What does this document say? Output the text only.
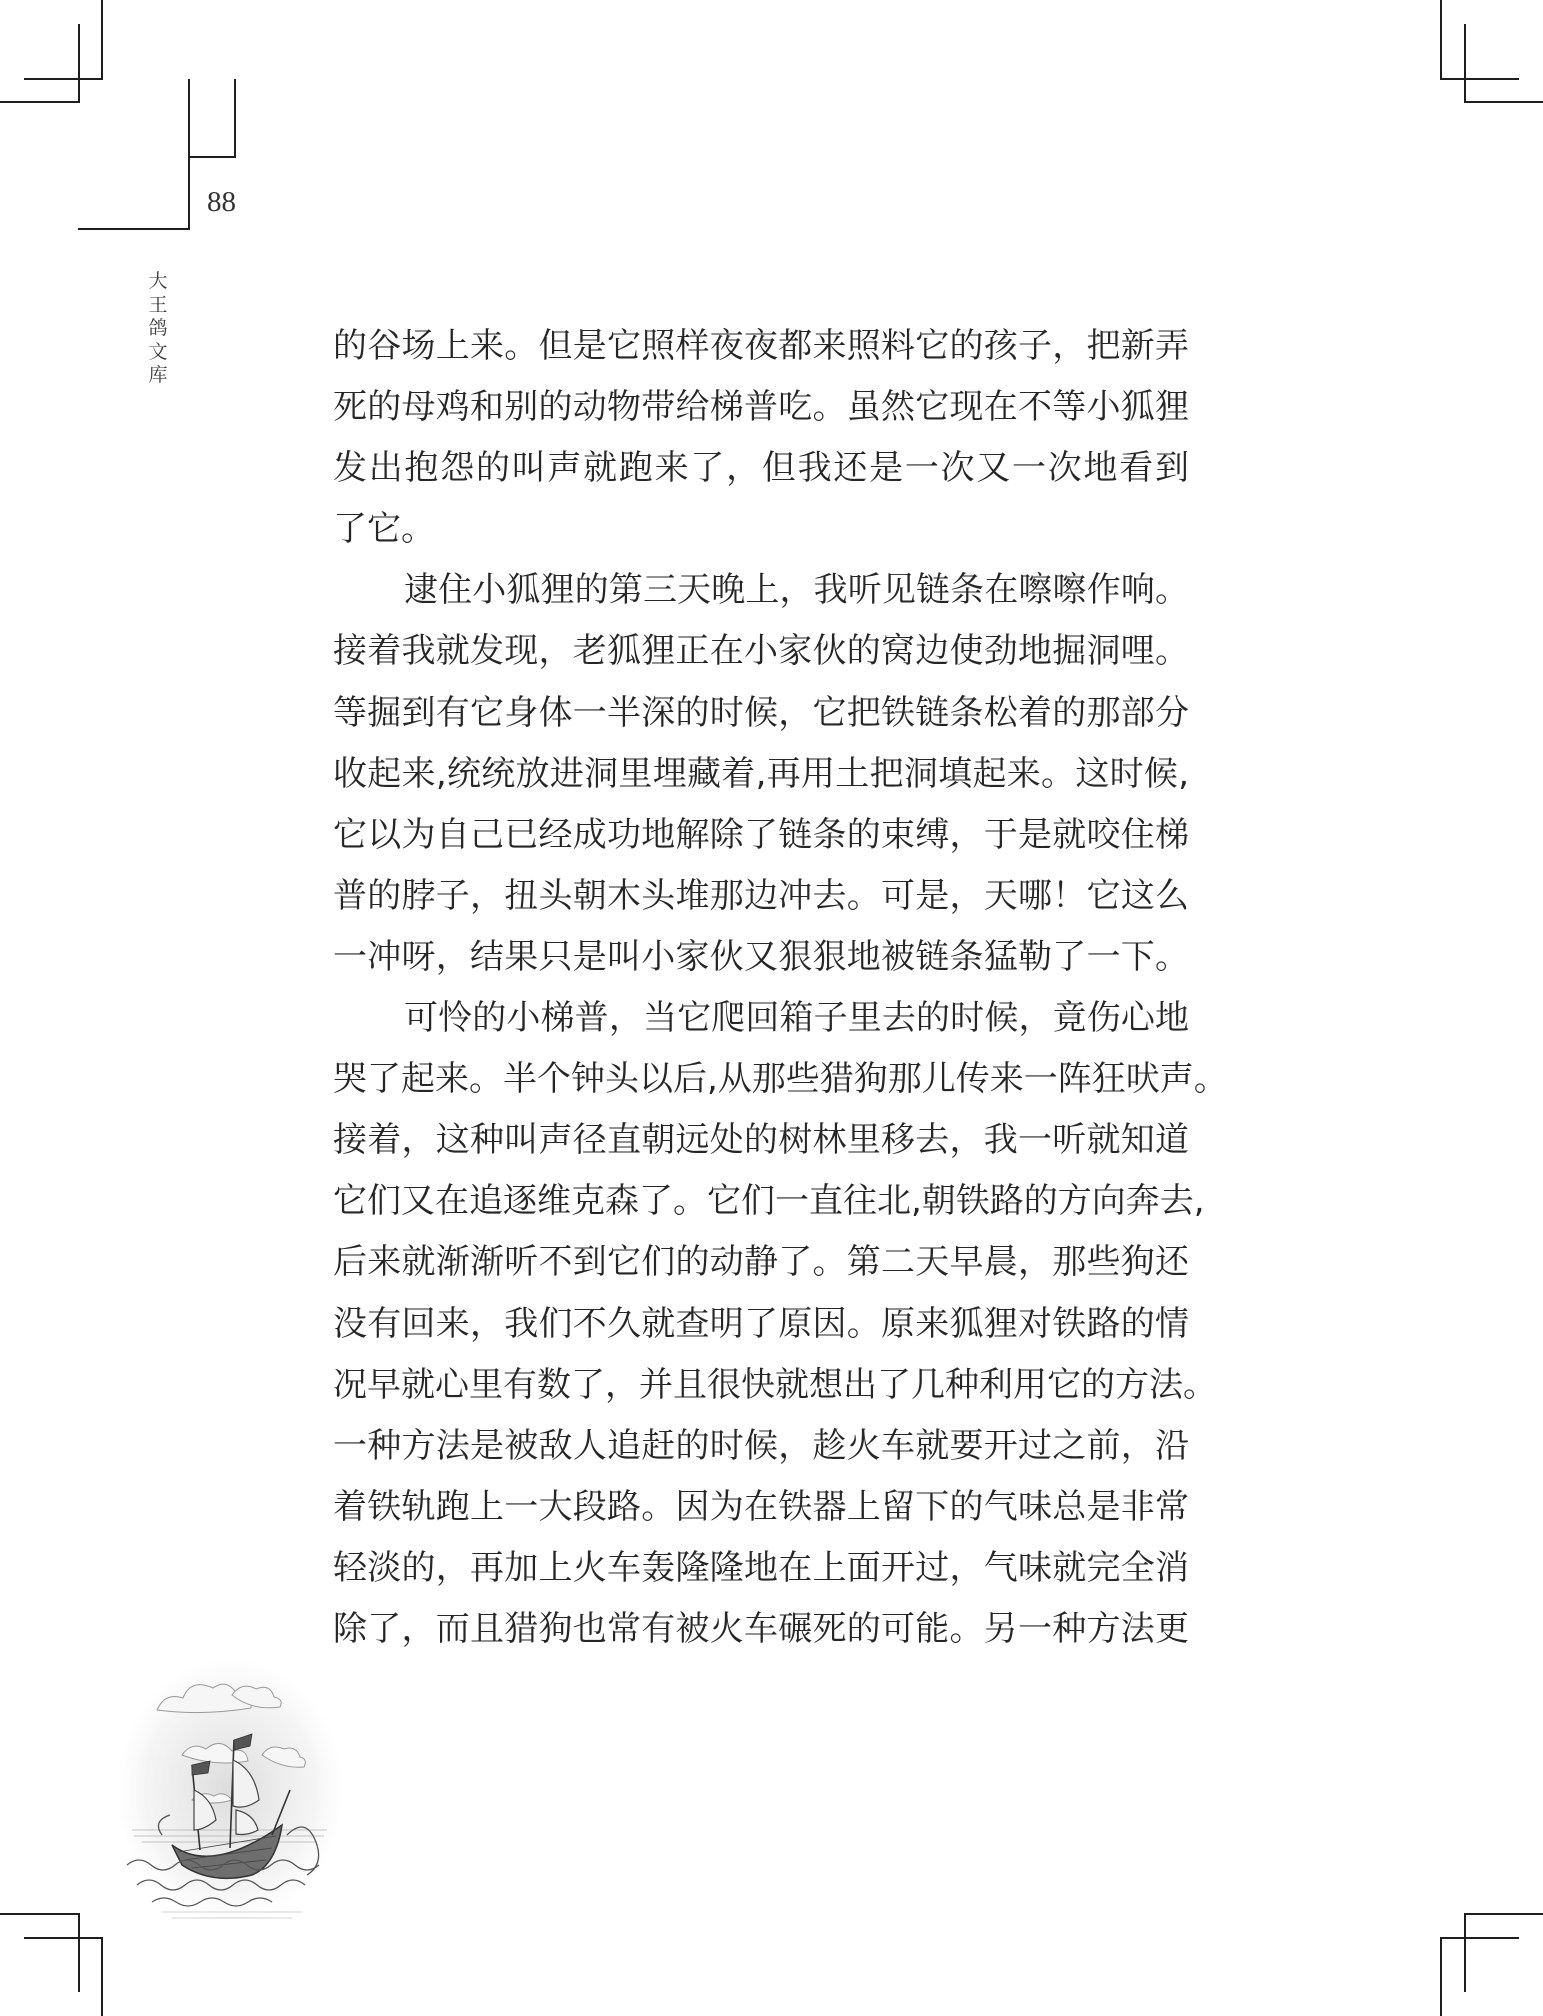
88
大
王
鸽
文
库
的谷场上来。但是它照样夜夜都来照料它的孩子，把新弄
死的母鸡和别的动物带给梯普吃。虽然它现在不等小狐狸
发出抱怨的叫声就跑来了，但我还是一次又一次地看到
了它。
逮住小狐狸的第三天晚上，我听见链条在嚓嚓作响。
接着我就发现，老狐狸正在小家伙的窝边使劲地掘洞哩。
等掘到有它身体一半深的时候，它把铁链条松着的那部分
收起来,统统放进洞里埋藏着,再用土把洞填起来。这时候,
它以为自己已经成功地解除了链条的束缚，于是就咬住梯
普的脖子，扭头朝木头堆那边冲去。可是，天哪！它这么
一冲呀，结果只是叫小家伙又狠狠地被链条猛勒了一下。
可怜的小梯普，当它爬回箱子里去的时候，竟伤心地
哭了起来。半个钟头以后,从那些猎狗那儿传来一阵狂吠声。
接着，这种叫声径直朝远处的树林里移去，我一听就知道
它们又在追逐维克森了。它们一直往北,朝铁路的方向奔去,
后来就渐渐听不到它们的动静了。第二天早晨，那些狗还
没有回来，我们不久就查明了原因。原来狐狸对铁路的情
况早就心里有数了，并且很快就想出了几种利用它的方法。
一种方法是被敌人追赶的时候，趁火车就要开过之前，沿
着铁轨跑上一大段路。因为在铁器上留下的气味总是非常
轻淡的，再加上火车轰隆隆地在上面开过，气味就完全消
除了，而且猎狗也常有被火车碾死的可能。另一种方法更
